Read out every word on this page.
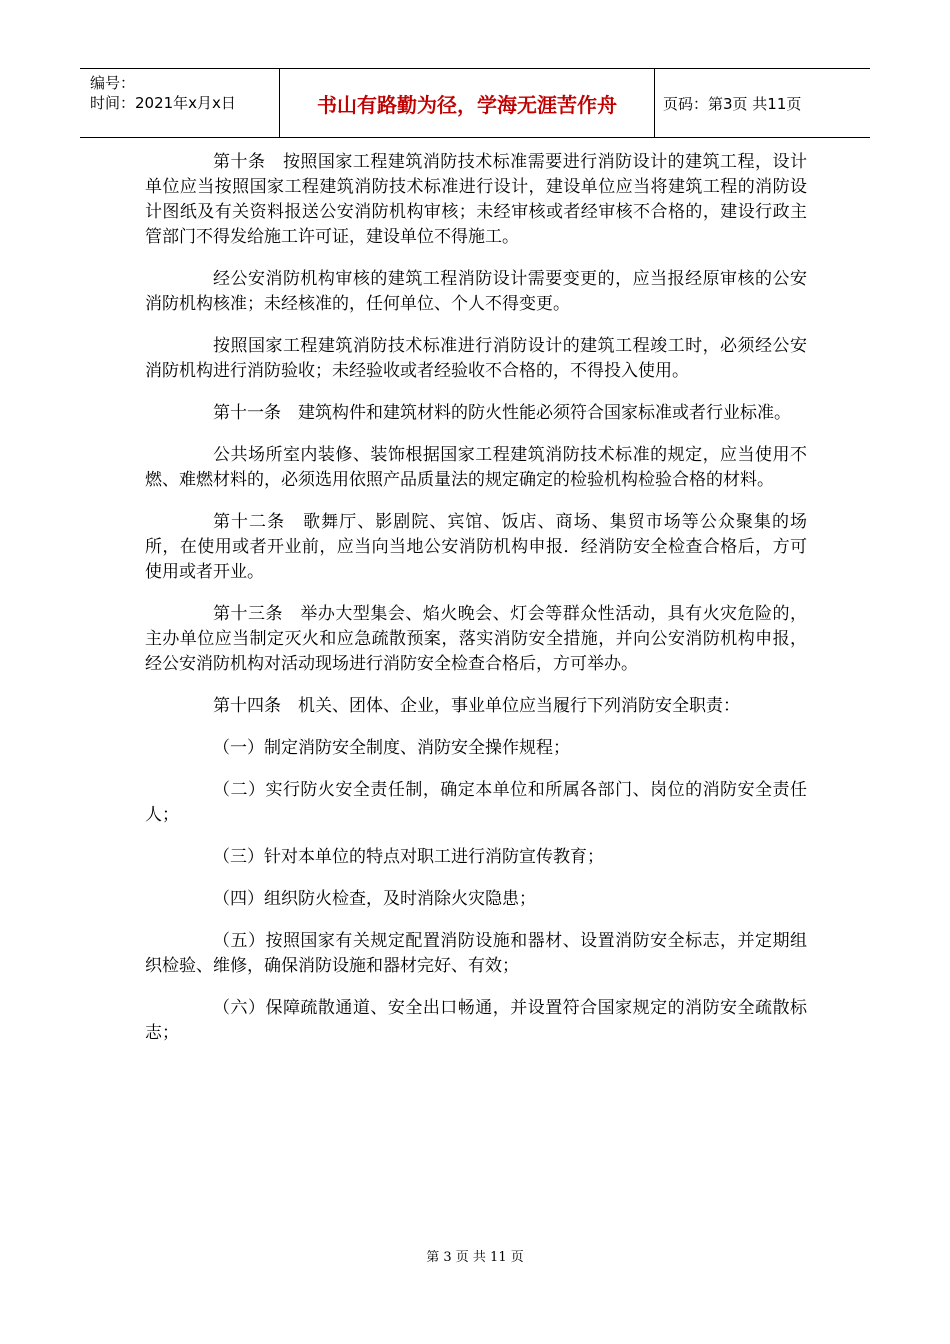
编号：
时间：2021年x月x日	书山有路勤为径，学海无涯苦作舟	页码：第3页 共11页

第十条　按照国家工程建筑消防技术标准需要进行消防设计的建筑工程，设计单位应当按照国家工程建筑消防技术标准进行设计，建设单位应当将建筑工程的消防设计图纸及有关资料报送公安消防机构审核；未经审核或者经审核不合格的，建设行政主管部门不得发给施工许可证，建设单位不得施工。

经公安消防机构审核的建筑工程消防设计需要变更的，应当报经原审核的公安消防机构核准；未经核准的，任何单位、个人不得变更。

按照国家工程建筑消防技术标准进行消防设计的建筑工程竣工时，必须经公安消防机构进行消防验收；未经验收或者经验收不合格的，不得投入使用。

第十一条　建筑构件和建筑材料的防火性能必须符合国家标准或者行业标准。

公共场所室内装修、装饰根据国家工程建筑消防技术标准的规定，应当使用不燃、难燃材料的，必须选用依照产品质量法的规定确定的检验机构检验合格的材料。

第十二条　歌舞厅、影剧院、宾馆、饭店、商场、集贸市场等公众聚集的场所，在使用或者开业前，应当向当地公安消防机构申报．经消防安全检查合格后，方可使用或者开业。

第十三条　举办大型集会、焰火晚会、灯会等群众性活动，具有火灾危险的，主办单位应当制定灭火和应急疏散预案，落实消防安全措施，并向公安消防机构申报，经公安消防机构对活动现场进行消防安全检查合格后，方可举办。

第十四条　机关、团体、企业，事业单位应当履行下列消防安全职责：

（一）制定消防安全制度、消防安全操作规程；

（二）实行防火安全责任制，确定本单位和所属各部门、岗位的消防安全责任人；

（三）针对本单位的特点对职工进行消防宣传教育；

（四）组织防火检查，及时消除火灾隐患；

（五）按照国家有关规定配置消防设施和器材、设置消防安全标志，并定期组织检验、维修，确保消防设施和器材完好、有效；

（六）保障疏散通道、安全出口畅通，并设置符合国家规定的消防安全疏散标志；

第 3 页 共 11 页
